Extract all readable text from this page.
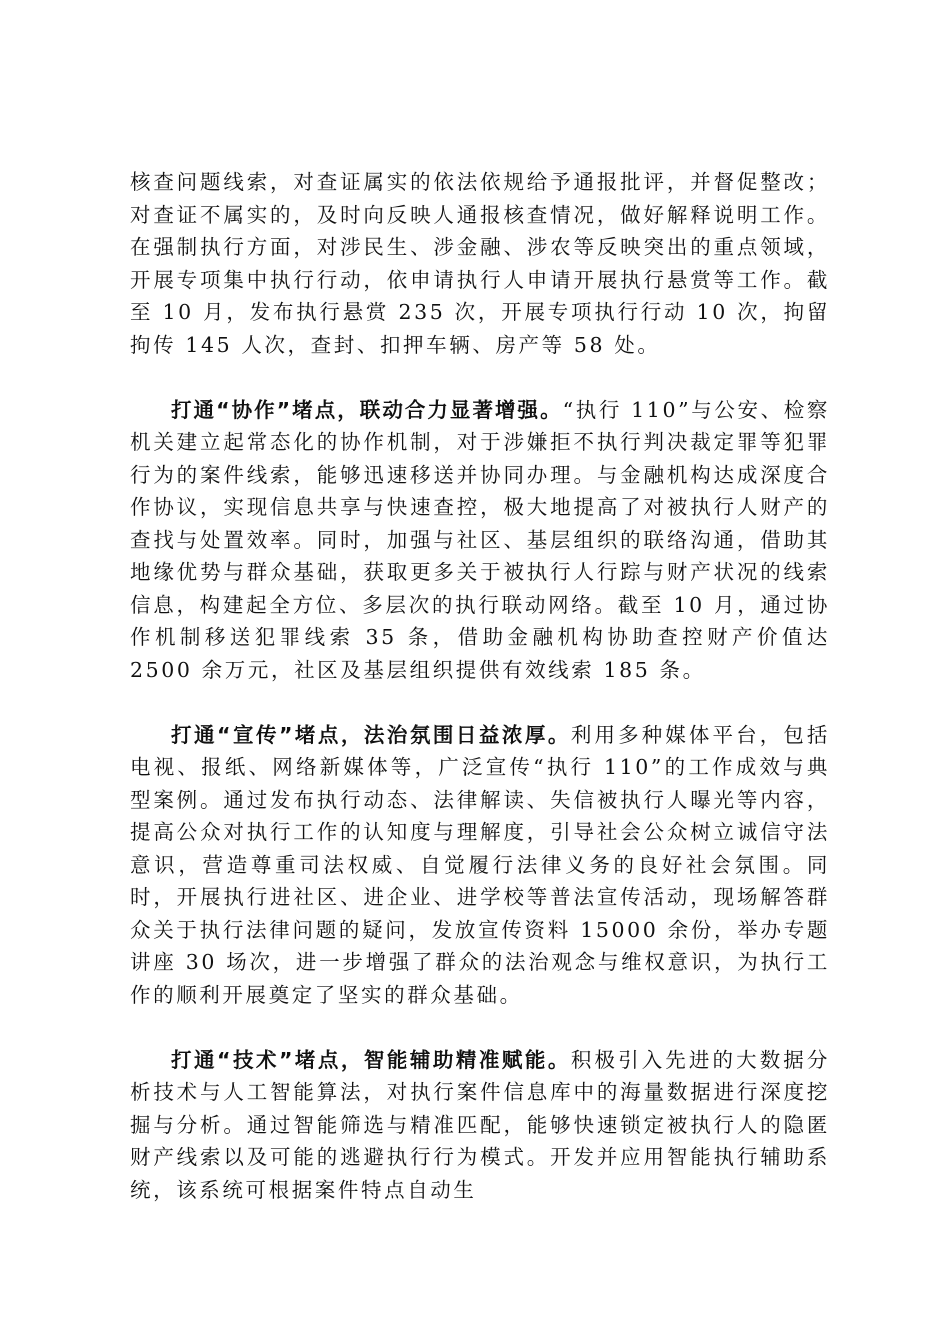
核查问题线索，对查证属实的依法依规给予通报批评，并督促整改；对查证不属实的，及时向反映人通报核查情况，做好解释说明工作。在强制执行方面，对涉民生、涉金融、涉农等反映突出的重点领域，开展专项集中执行行动，依申请执行人申请开展执行悬赏等工作。截至 10 月，发布执行悬赏 235 次，开展专项执行行动 10 次，拘留拘传 145 人次，查封、扣押车辆、房产等 58 处。

打通“协作”堵点，联动合力显著增强。“执行 110”与公安、检察机关建立起常态化的协作机制，对于涉嫌拒不执行判决裁定罪等犯罪行为的案件线索，能够迅速移送并协同办理。与金融机构达成深度合作协议，实现信息共享与快速查控，极大地提高了对被执行人财产的查找与处置效率。同时，加强与社区、基层组织的联络沟通，借助其地缘优势与群众基础，获取更多关于被执行人行踪与财产状况的线索信息，构建起全方位、多层次的执行联动网络。截至 10 月，通过协作机制移送犯罪线索 35 条，借助金融机构协助查控财产价值达 2500 余万元，社区及基层组织提供有效线索 185 条。

打通“宣传”堵点，法治氛围日益浓厚。利用多种媒体平台，包括电视、报纸、网络新媒体等，广泛宣传“执行 110”的工作成效与典型案例。通过发布执行动态、法律解读、失信被执行人曝光等内容，提高公众对执行工作的认知度与理解度，引导社会公众树立诚信守法意识，营造尊重司法权威、自觉履行法律义务的良好社会氛围。同时，开展执行进社区、进企业、进学校等普法宣传活动，现场解答群众关于执行法律问题的疑问，发放宣传资料 15000 余份，举办专题讲座 30 场次，进一步增强了群众的法治观念与维权意识，为执行工作的顺利开展奠定了坚实的群众基础。

打通“技术”堵点，智能辅助精准赋能。积极引入先进的大数据分析技术与人工智能算法，对执行案件信息库中的海量数据进行深度挖掘与分析。通过智能筛选与精准匹配，能够快速锁定被执行人的隐匿财产线索以及可能的逃避执行行为模式。开发并应用智能执行辅助系统，该系统可根据案件特点自动生
